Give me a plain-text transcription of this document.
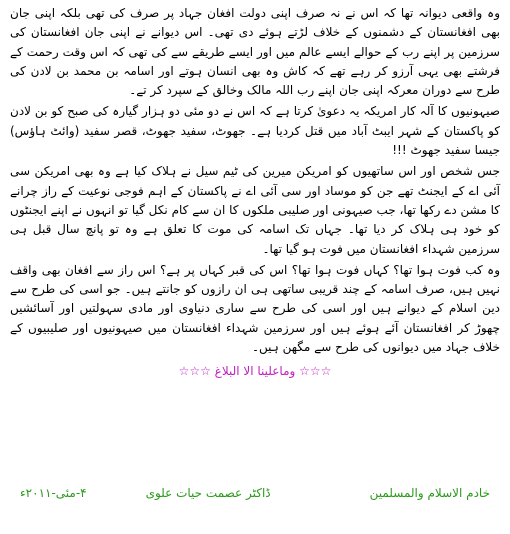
وہ واقعی دیوانہ تھا کہ اس نے نہ صرف اپنی دولت افغان جہاد پر صرف کی تھی بلکہ اپنی جان بھی افغانستان کے دشمنوں کے خلاف لڑتے ہوئے دی تھی۔ اس دیوانے نے اپنی جان افغانستان کی سرزمین پر اپنے رب کے حوالے ایسے عالم میں اور ایسے طریقے سے کی تھی کہ اس وقت رحمت کے فرشتے بھی یہی آرزو کر رہے تھے کہ کاش وہ بھی انسان ہوتے اور اسامہ بن محمد بن لادن کی طرح سے دوران معرکہ اپنی جان اپنے رب اللہ مالک وخالق کے سپرد کر تے۔

صیہونیوں کا آلہ کار امریکہ یہ دعویٰ کرتا ہے کہ اس نے دو مئی دو ہزار گیارہ کی صبح کو بن لادن کو پاکستان کے شہر ایبٹ آباد میں قتل کردیا ہے۔ جھوٹ، سفید جھوٹ، قصر سفید (وائٹ ہاؤس) جیسا سفید جھوٹ !!!

جس شخص اور اس ساتھیوں کو امریکن میرین کی ٹیم سیل نے ہلاک کیا ہے وہ بھی امریکن سی آئی اے کے ایجنٹ تھے جن کو موساد اور سی آئی اے نے پاکستان کے اہم فوجی نوعیت کے راز چرانے کا مشن دے رکھا تھا، جب صیہونی اور صلیبی ملکوں کا ان سے کام نکل گیا تو انہوں نے اپنے ایجنٹوں کو خود ہی ہلاک کر دیا تھا۔ جہاں تک اسامہ کی موت کا تعلق ہے وہ تو پانچ سال قبل ہی سرزمین شہداء افغانستان میں فوت ہو گیا تھا۔

وہ کب فوت ہوا تھا؟ کہاں فوت ہوا تھا؟ اس کی قبر کہاں پر ہے؟ اس راز سے افغان بھی واقف نہیں ہیں، صرف اسامہ کے چند قریبی ساتھی ہی ان رازوں کو جانتے ہیں۔ جو اسی کی طرح سے دین اسلام کے دیوانے ہیں اور اسی کی طرح سے ساری دنیاوی اور مادی سہولتیں اور آسائشیں چھوڑ کر افغانستان آئے ہوئے ہیں اور سرزمین شہداء افغانستان میں صیہونیوں اور صلیبیوں کے خلاف جہاد میں دیوانوں کی طرح سے مگھن ہیں۔

☆☆☆ وماعلینا الا البلاغ ☆☆☆
خادم الاسلام والمسلمین
ڈاکٹر عصمت حیات علوی
۴-مئی-۲۰۱۱ء
